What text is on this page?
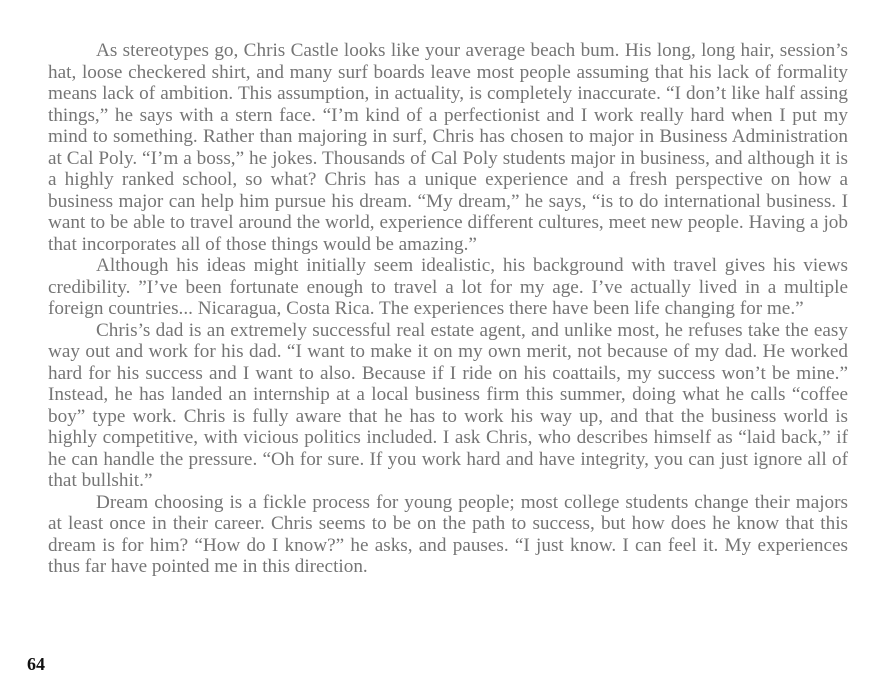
As stereotypes go, Chris Castle looks like your average beach bum. His long, long hair, session’s hat, loose checkered shirt, and many surf boards leave most people assuming that his lack of formality means lack of ambition. This assumption, in actuality, is completely inaccurate. “I don’t like half assing things,” he says with a stern face. “I’m kind of a perfectionist and I work really hard when I put my mind to something. Rather than majoring in surf, Chris has chosen to major in Business Administration at Cal Poly. “I’m a boss,” he jokes. Thousands of Cal Poly students major in business, and although it is a highly ranked school, so what? Chris has a unique experience and a fresh perspective on how a business major can help him pursue his dream. “My dream,” he says, “is to do international business. I want to be able to travel around the world, experience different cultures, meet new people. Having a job that incorporates all of those things would be amazing.”

Although his ideas might initially seem idealistic, his background with travel gives his views credibility. ”I’ve been fortunate enough to travel a lot for my age. I’ve actually lived in a multiple foreign countries... Nicaragua, Costa Rica. The experiences there have been life changing for me.”

Chris’s dad is an extremely successful real estate agent, and unlike most, he refuses take the easy way out and work for his dad. “I want to make it on my own merit, not because of my dad. He worked hard for his success and I want to also. Because if I ride on his coattails, my success won’t be mine.” Instead, he has landed an internship at a local business firm this summer, doing what he calls “coffee boy” type work. Chris is fully aware that he has to work his way up, and that the business world is highly competitive, with vicious politics included. I ask Chris, who describes himself as “laid back,” if he can handle the pressure. “Oh for sure. If you work hard and have integrity, you can just ignore all of that bullshit.”

Dream choosing is a fickle process for young people; most college students change their majors at least once in their career. Chris seems to be on the path to success, but how does he know that this dream is for him? “How do I know?” he asks, and pauses. “I just know. I can feel it. My experiences thus far have pointed me in this direction.

64
